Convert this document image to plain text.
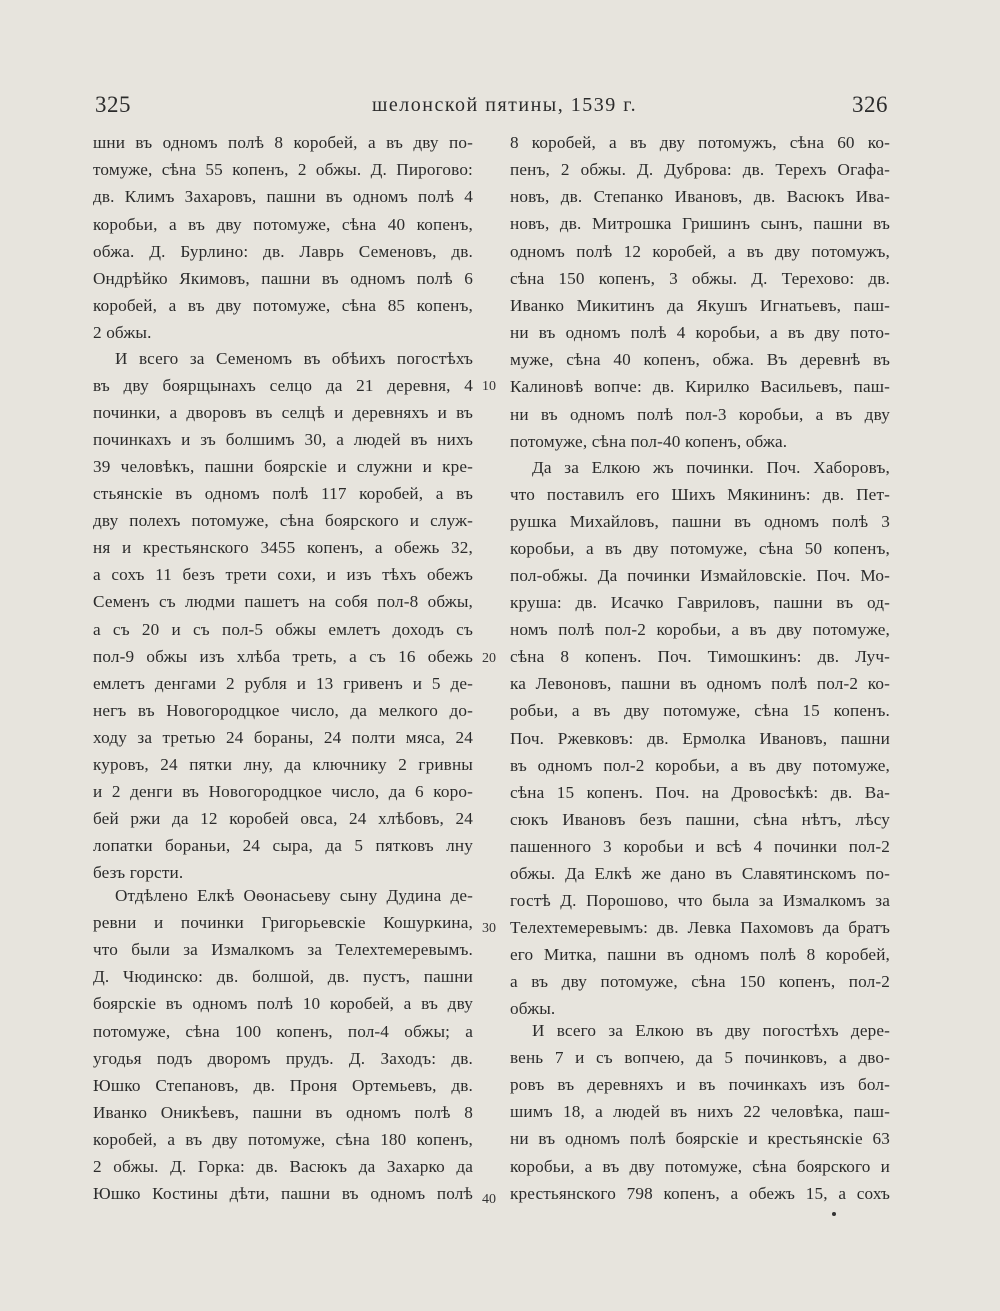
325	шелонской пятины, 1539 г.	326
шни въ одномъ полѣ 8 коробей, а въ дву по-
томуже, сѣна 55 копенъ, 2 обжы. Д. Пирогово:
дв. Климъ Захаровъ, пашни въ одномъ полѣ 4
коробьи, а въ дву потомуже, сѣна 40 копенъ,
обжа. Д. Бурлино: дв. Лаврь Семеновъ, дв.
Ондрѣйко Якимовъ, пашни въ одномъ полѣ 6
коробей, а въ дву потомуже, сѣна 85 копенъ,
2 обжы.
И всего за Семеномъ въ обѣихъ погостѣхъ
въ дву боярщынахъ селцо да 21 деревня, 4
починки, а дворовъ въ селцѣ и деревняхъ и въ
починкахъ и зъ болшимъ 30, а людей въ нихъ
39 человѣкъ, пашни боярскіе и служни и кре-
стьянскіе въ одномъ полѣ 117 коробей, а въ
дву полехъ потомуже, сѣна боярского и служ-
ня и крестьянского 3455 копенъ, а обежь 32,
а сохъ 11 безъ трети сохи, и изъ тѣхъ обежъ
Семенъ съ людми пашетъ на собя пол-8 обжы,
а съ 20 и съ пол-5 обжы емлетъ доходъ съ
пол-9 обжы изъ хлѣба треть, а съ 16 обежь
емлетъ денгами 2 рубля и 13 гривенъ и 5 де-
негъ въ Новогородцкое число, да мелкого до-
ходу за третью 24 бораны, 24 полти мяса, 24
куровъ, 24 пятки лну, да ключнику 2 гривны
и 2 денги въ Новогородцкое число, да 6 коро-
бей ржи да 12 коробей овса, 24 хлѣбовъ, 24
лопатки бораньи, 24 сыра, да 5 пятковъ лну
безъ горсти.
Отдѣлено Елкѣ Оѳонасьеву сыну Дудина де-
ревни и починки Григорьевскіе Кошуркина,
что были за Измалкомъ за Телехтемеревымъ.
Д. Чюдинско: дв. болшой, дв. пустъ, пашни
боярскіе въ одномъ полѣ 10 коробей, а въ дву
потомуже, сѣна 100 копенъ, пол-4 обжы; а
угодья подъ дворомъ прудъ. Д. Заходъ: дв.
Юшко Степановъ, дв. Проня Ортемьевъ, дв.
Иванко Оникѣевъ, пашни въ одномъ полѣ 8
коробей, а въ дву потомуже, сѣна 180 копенъ,
2 обжы. Д. Горка: дв. Васюкъ да Захарко да
Юшко Костины дѣти, пашни въ одномъ полѣ
8 коробей, а въ дву потомужъ, сѣна 60 ко-
пенъ, 2 обжы. Д. Дуброва: дв. Терехъ Огафа-
новъ, дв. Степанко Ивановъ, дв. Васюкъ Ива-
новъ, дв. Митрошка Гришинъ сынъ, пашни въ
одномъ полѣ 12 коробей, а въ дву потомужъ,
сѣна 150 копенъ, 3 обжы. Д. Терехово: дв.
Иванко Микитинъ да Якушъ Игнатьевъ, паш-
ни въ одномъ полѣ 4 коробьи, а въ дву пото-
муже, сѣна 40 копенъ, обжа. Въ деревнѣ въ
Калиновѣ вопче: дв. Кирилко Васильевъ, паш-
ни въ одномъ полѣ пол-3 коробьи, а въ дву
потомуже, сѣна пол-40 копенъ, обжа.
Да за Елкою жъ починки. Поч. Хаборовъ,
что поставилъ его Шихъ Мякининъ: дв. Пет-
рушка Михайловъ, пашни въ одномъ полѣ 3
коробьи, а въ дву потомуже, сѣна 50 копенъ,
пол-обжы. Да починки Измайловскіе. Поч. Мо-
круша: дв. Исачко Гавриловъ, пашни въ од-
номъ полѣ пол-2 коробьи, а въ дву потомуже,
сѣна 8 копенъ. Поч. Тимошкинъ: дв. Луч-
ка Левоновъ, пашни въ одномъ полѣ пол-2 ко-
робьи, а въ дву потомуже, сѣна 15 копенъ.
Поч. Ржевковъ: дв. Ермолка Ивановъ, пашни
въ одномъ пол-2 коробьи, а въ дву потомуже,
сѣна 15 копенъ. Поч. на Дровосѣкѣ: дв. Ва-
сюкъ Ивановъ безъ пашни, сѣна нѣтъ, лѣсу
пашенного 3 коробьи и всѣ 4 починки пол-2
обжы. Да Елкѣ же дано въ Славятинскомъ по-
гостѣ Д. Порошово, что была за Измалкомъ за
Телехтемеревымъ: дв. Левка Пахомовъ да братъ
его Митка, пашни въ одномъ полѣ 8 коробей,
а въ дву потомуже, сѣна 150 копенъ, пол-2
обжы.
И всего за Елкою въ дву погостѣхъ дере-
вень 7 и съ вопчею, да 5 починковъ, а дво-
ровъ въ деревняхъ и въ починкахъ изъ бол-
шимъ 18, а людей въ нихъ 22 человѣка, паш-
ни въ одномъ полѣ боярскіе и крестьянскіе 63
коробьи, а въ дву потомуже, сѣна боярского и
крестьянского 798 копенъ, а обежъ 15, а сохъ
10
20
30
40
